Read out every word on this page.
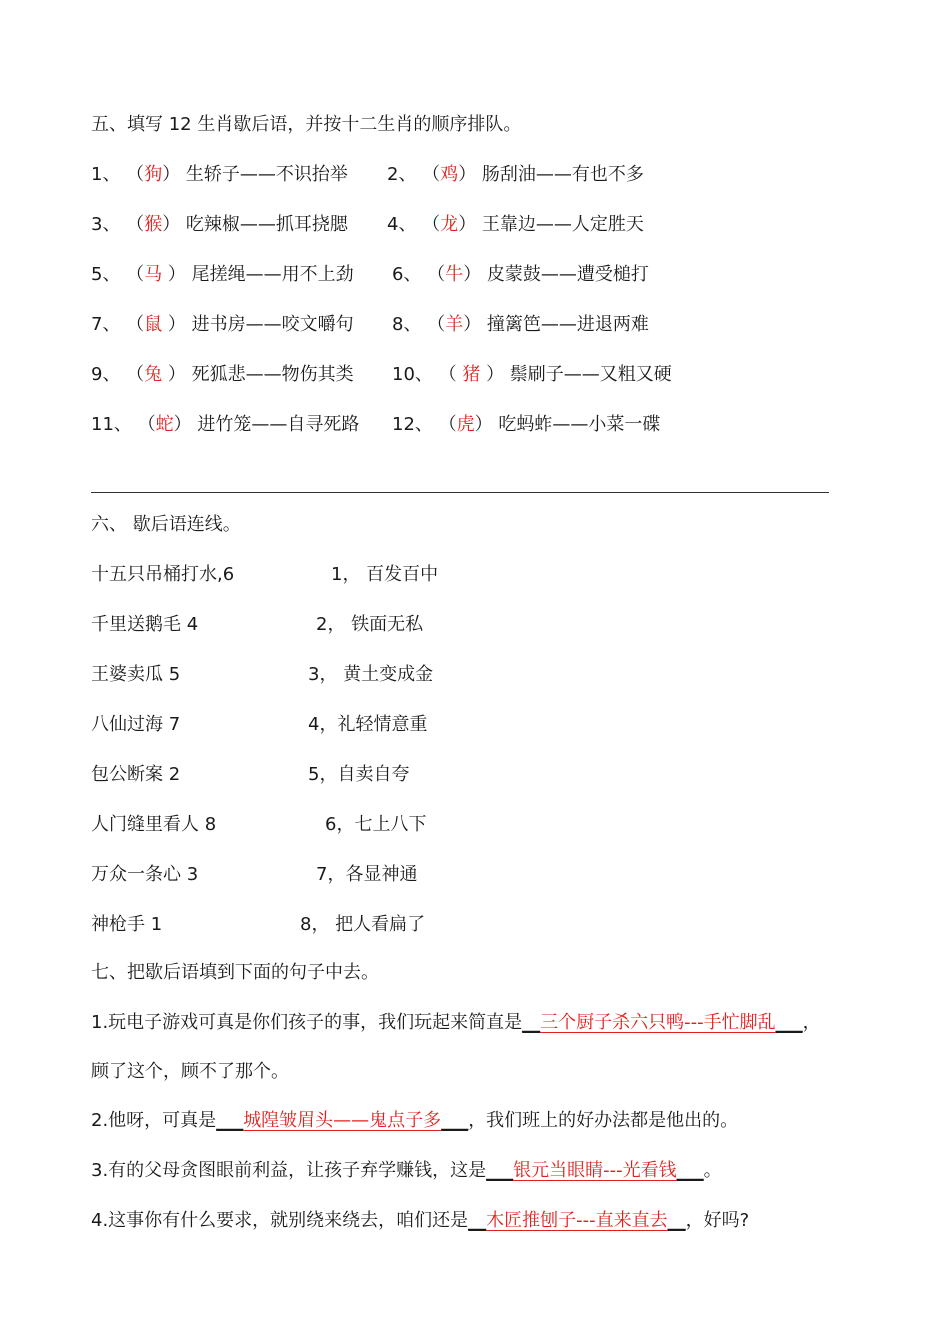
五、填写 12 生肖歇后语，并按十二生肖的顺序排队。
1、 （狗） 生轿子——不识抬举 2、 （鸡） 肠刮油——有也不多
3、 （猴） 吃辣椒——抓耳挠腮 4、 （龙） 王靠边——人定胜天
5、 （马 ） 尾搓绳——用不上劲 6、 （牛） 皮蒙鼓——遭受槌打
7、 （鼠 ） 进书房——咬文嚼句 8、 （羊） 撞篱笆——进退两难
9、 （兔 ） 死狐悲——物伤其类 10、 （ 猪 ） 鬃刷子——又粗又硬
11、 （蛇） 进竹笼——自寻死路 12、 （虎） 吃蚂蚱——小菜一碟
六、 歇后语连线。
十五只吊桶打水,6	1， 百发百中
千里送鹅毛 4	2， 铁面无私
王婆卖瓜 5	3， 黄土变成金
八仙过海 7	4，礼轻情意重
包公断案 2	5，自卖自夸
人门缝里看人 8	6，七上八下
万众一条心 3	7，各显神通
神枪手 1	8， 把人看扁了
七、把歇后语填到下面的句子中去。
1.玩电子游戏可真是你们孩子的事，我们玩起来简直是__三个厨子杀六只鸭---手忙脚乱___，
顾了这个，顾不了那个。
2.他呀，可真是___城隍皱眉头——鬼点子多___，我们班上的好办法都是他出的。
3.有的父母贪图眼前利益，让孩子弃学赚钱，这是___银元当眼睛---光看钱___。
4.这事你有什么要求，就别绕来绕去，咱们还是__木匠推刨子---直来直去__，好吗?
